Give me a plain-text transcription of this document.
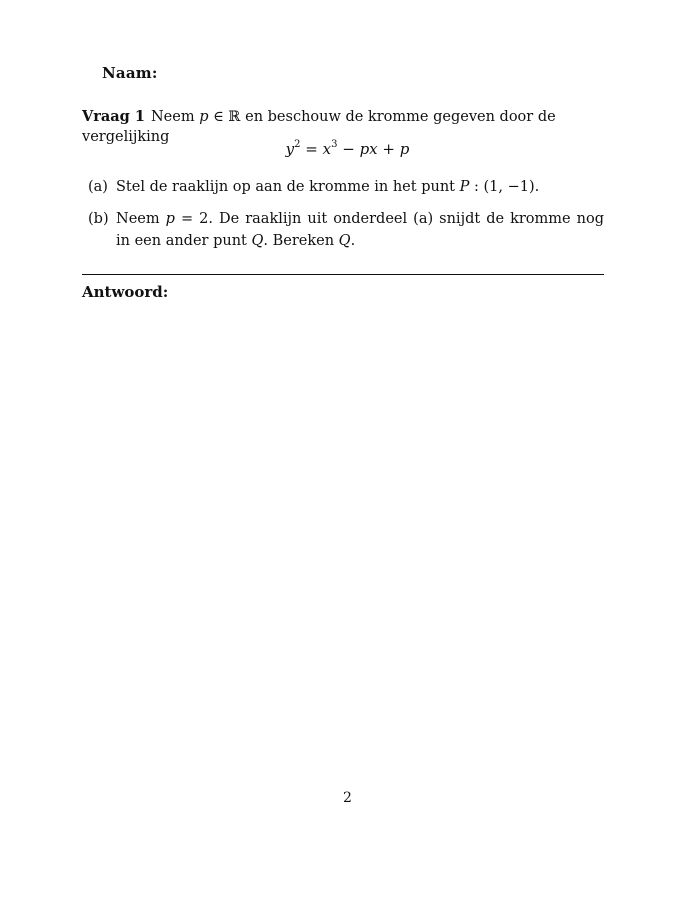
Naam:
Vraag 1 Neem p ∈ ℝ en beschouw de kromme gegeven door de vergelijking
$y^2 = x^3$ − px + p
(a) Stel de raaklijn op aan de kromme in het punt P : (1, −1).
(b) Neem p = 2. De raaklijn uit onderdeel (a) snijdt de kromme nog in een ander punt Q. Bereken Q.
Antwoord:
2
